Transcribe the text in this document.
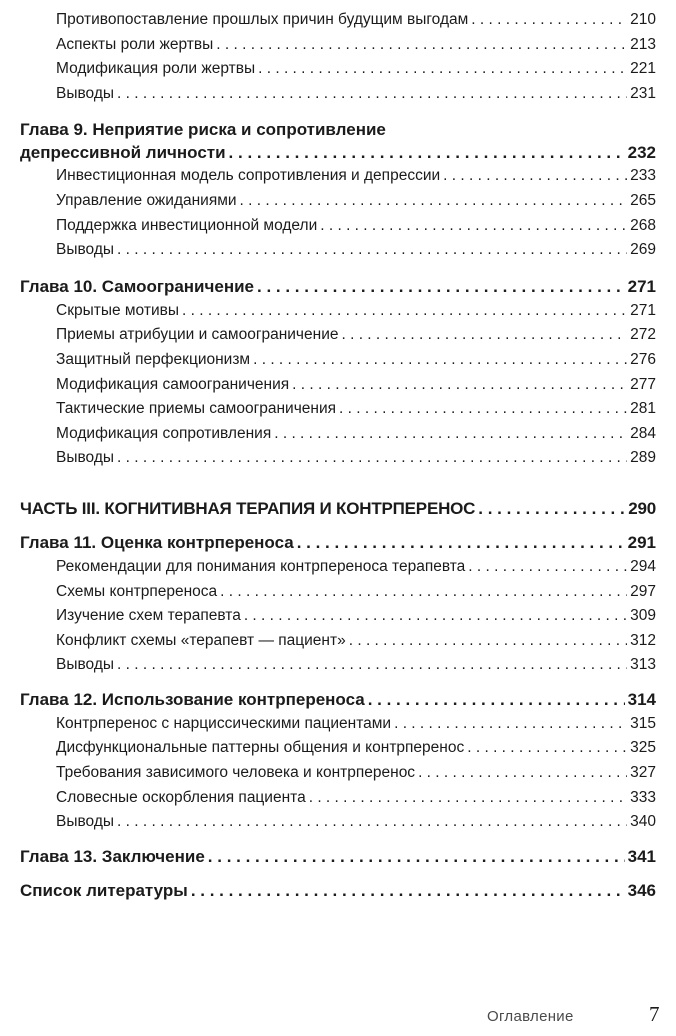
Противопоставление прошлых причин будущим выгодам . . .	210
Аспекты роли жертвы . . .	213
Модификация роли жертвы . . .	221
Выводы . . .	231
Глава 9. Неприятие риска и сопротивление
депрессивной личности . . .	232
Инвестиционная модель сопротивления и депрессии . . .	233
Управление ожиданиями . . .	265
Поддержка инвестиционной модели . . .	268
Выводы . . .	269
Глава 10. Самоограничение . . .	271
Скрытые мотивы . . .	271
Приемы атрибуции и самоограничение . . .	272
Защитный перфекционизм . . .	276
Модификация самоограничения . . .	277
Тактические приемы самоограничения . . .	281
Модификация сопротивления . . .	284
Выводы . . .	289
ЧАСТЬ III. КОГНИТИВНАЯ ТЕРАПИЯ И КОНТРПЕРЕНОС . . .	290
Глава 11. Оценка контрпереноса . . .	291
Рекомендации для понимания контрпереноса терапевта . . .	294
Схемы контрпереноса . . .	297
Изучение схем терапевта . . .	309
Конфликт схемы «терапевт — пациент» . . .	312
Выводы . . .	313
Глава 12. Использование контрпереноса . . .	314
Контрперенос с нарциссическими пациентами . . .	315
Дисфункциональные паттерны общения и контрперенос . . .	325
Требования зависимого человека и контрперенос . . .	327
Словесные оскорбления пациента . . .	333
Выводы . . .	340
Глава 13. Заключение . . .	341
Список литературы . . .	346
Оглавление	7
